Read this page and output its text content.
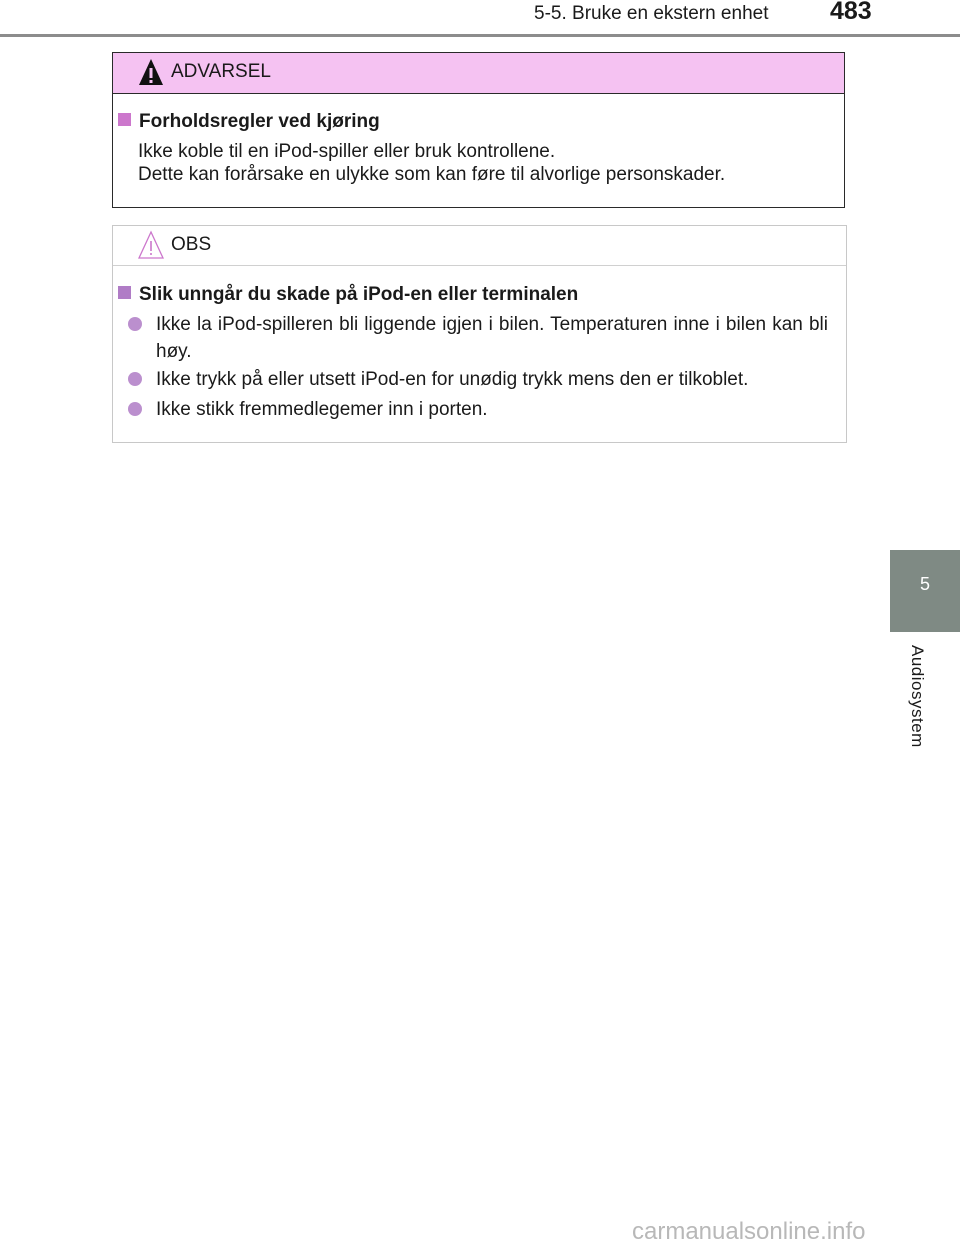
5-5. Bruke en ekstern enhet 483
5
Audiosystem
ADVARSEL
Forholdsregler ved kjøring
Ikke koble til en iPod-spiller eller bruk kontrollene.
Dette kan forårsake en ulykke som kan føre til alvorlige personskader.
OBS
Slik unngår du skade på iPod-en eller terminalen
Ikke la iPod-spilleren bli liggende igjen i bilen. Temperaturen inne i bilen kan bli høy.
Ikke trykk på eller utsett iPod-en for unødig trykk mens den er tilkoblet.
Ikke stikk fremmedlegemer inn i porten.
carmanualsonline.info
